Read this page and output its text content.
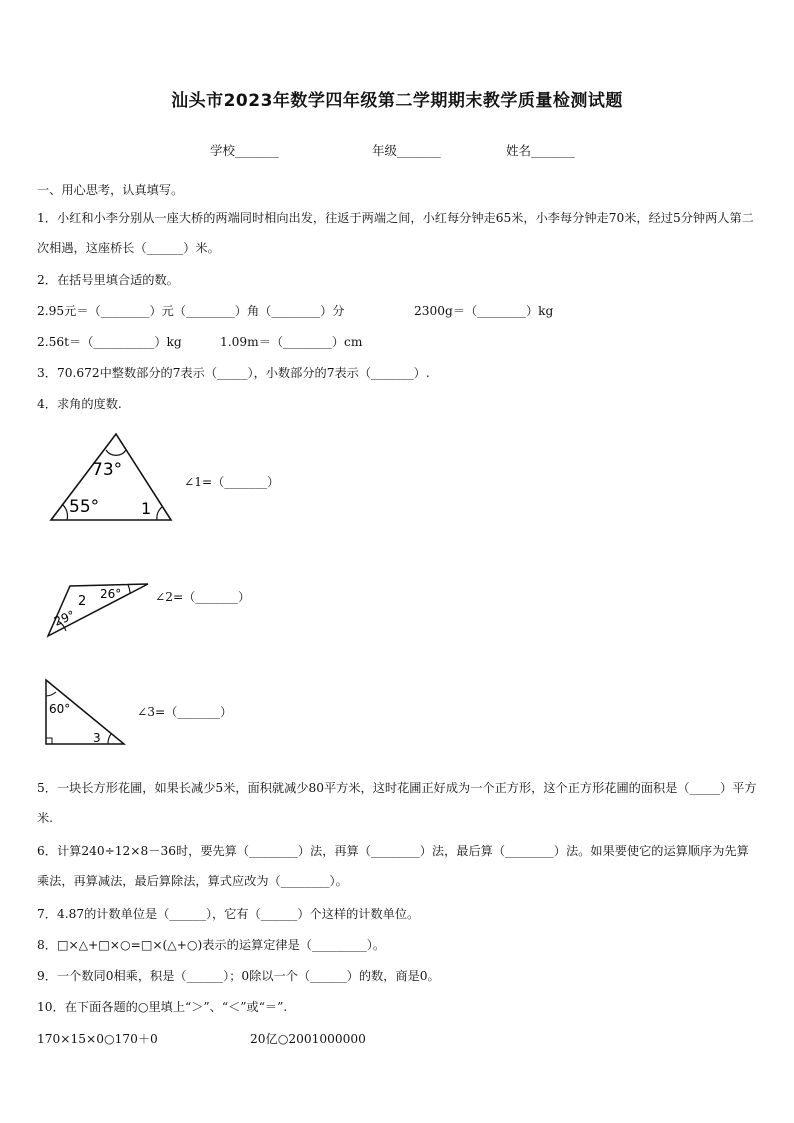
汕头市2023年数学四年级第二学期期末教学质量检测试题
学校_______	年级_______	姓名_______
一、用心思考，认真填写。
1．小红和小李分别从一座大桥的两端同时相向出发，往返于两端之间，小红每分钟走65米，小李每分钟走70米，经过5分钟两人第二次相遇，这座桥长（______）米。
2．在括号里填合适的数。
2.95元＝（________）元（________）角（________）分	2300g＝（________）kg
2.56t＝（__________）kg	1.09m＝（________）cm
3．70.672中整数部分的7表示（_____），小数部分的7表示（_______）.
4．求角的度数.
73°
55°	1
∠1=（_______）
2 26°
29°
∠2=（_______）
60°
3
∠3=（_______）
5．一块长方形花圃，如果长减少5米，面积就减少80平方米，这时花圃正好成为一个正方形，这个正方形花圃的面积是（_____）平方米.
6．计算240÷12×8－36时，要先算（________）法，再算（________）法，最后算（________）法。如果要使它的运算顺序为先算乘法，再算减法，最后算除法，算式应改为（________）。
7．4.87的计数单位是（______），它有（______）个这样的计数单位。
8．□×△+□×○=□×(△+○)表示的运算定律是（_________）。
9．一个数同0相乘，积是（______）；0除以一个（______）的数，商是0。
10．在下面各题的○里填上“＞”、“＜”或“＝”.
170×15×0○170＋0	20亿○2001000000
